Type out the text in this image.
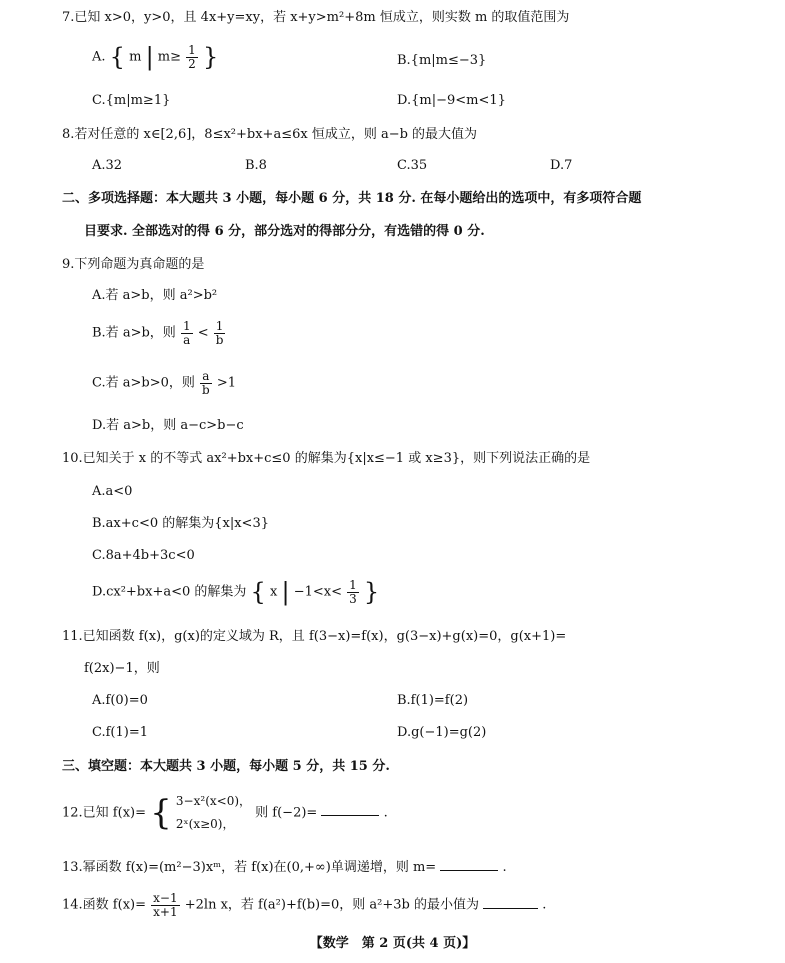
7.已知 x>0，y>0，且 4x+y=xy，若 x+y>m²+8m 恒成立，则实数 m 的取值范围为
A. { m | $m\ge \frac{1}{2}$ }	B.{m|m≤−3}
C.{m|m≥1}	D.{m|−9<m<1}
8.若对任意的 x∈[2,6]，8≤x²+bx+a≤6x 恒成立，则 a−b 的最大值为
A.32	B.8	C.35	D.7
二、多项选择题：本大题共 3 小题，每小题 6 分，共 18 分. 在每小题给出的选项中，有多项符合题
目要求. 全部选对的得 6 分，部分选对的得部分分，有选错的得 0 分.
9.下列命题为真命题的是
A.若 a>b，则 a²>b²
B.若 a>b，则 $\frac{1}{a} < \frac{1}{b}$
C.若 a>b>0，则 $\frac{a}{b} >1$
D.若 a>b，则 a−c>b−c
10.已知关于 x 的不等式 ax²+bx+c≤0 的解集为{x|x≤−1 或 x≥3}，则下列说法正确的是
A.a<0
B.ax+c<0 的解集为{x|x<3}
C.8a+4b+3c<0
D.cx²+bx+a<0 的解集为 { x | $-1<x< \frac{1}{3}$ }
11.已知函数 f(x)，g(x)的定义域为 R，且 f(3−x)=f(x)，g(3−x)+g(x)=0，g(x+1)=
f(2x)−1，则
A.f(0)=0	B.f(1)=f(2)
C.f(1)=1	D.g(−1)=g(2)
三、填空题：本大题共 3 小题，每小题 5 分，共 15 分.
12.已知 f(x)= { 3−x²(x<0)，
2ˣ(x≥0)，
则 f(−2)=	.
13.幂函数 f(x)=(m²−3)xᵐ，若 f(x)在(0,+∞)单调递增，则 m=	.
14.函数 $f(x)= \frac{x-1}{x+1} +2\ln$ x，若 f(a²)+f(b)=0，则 a²+3b 的最小值为	.
【数学　第 2 页(共 4 页)】
